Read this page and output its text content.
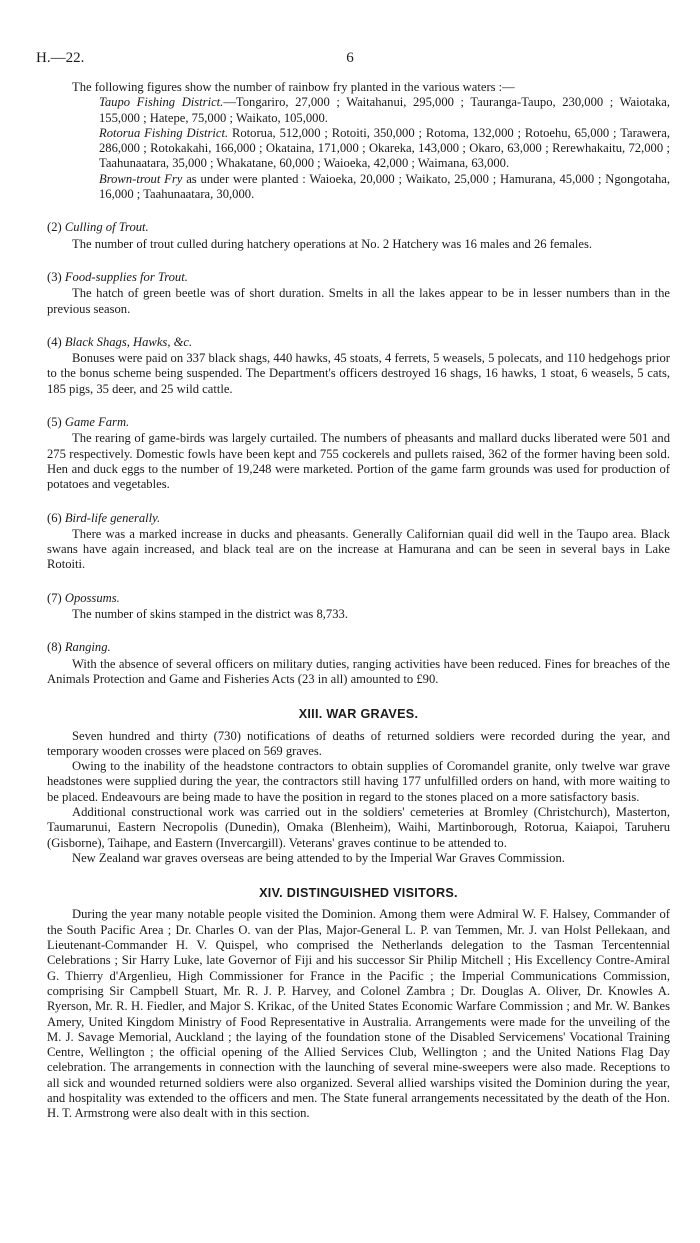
H.—22.	6

The following figures show the number of rainbow fry planted in the various waters :—

Taupo Fishing District.—Tongariro, 27,000 ; Waitahanui, 295,000 ; Tauranga-Taupo, 230,000 ; Waiotaka, 155,000 ; Hatepe, 75,000 ; Waikato, 105,000.

Rotorua Fishing District. Rotorua, 512,000 ; Rotoiti, 350,000 ; Rotoma, 132,000 ; Rotoehu, 65,000 ; Tarawera, 286,000 ; Rotokakahi, 166,000 ; Okataina, 171,000 ; Okareka, 143,000 ; Okaro, 63,000 ; Rerewhakaitu, 72,000 ; Taahunaatara, 35,000 ; Whakatane, 60,000 ; Waioeka, 42,000 ; Waimana, 63,000.

Brown-trout Fry as under were planted : Waioeka, 20,000 ; Waikato, 25,000 ; Hamurana, 45,000 ; Ngongotaha, 16,000 ; Taahunaatara, 30,000.

(2) Culling of Trout.

The number of trout culled during hatchery operations at No. 2 Hatchery was 16 males and 26 females.

(3) Food-supplies for Trout.

The hatch of green beetle was of short duration. Smelts in all the lakes appear to be in lesser numbers than in the previous season.

(4) Black Shags, Hawks, &c.

Bonuses were paid on 337 black shags, 440 hawks, 45 stoats, 4 ferrets, 5 weasels, 5 polecats, and 110 hedgehogs prior to the bonus scheme being suspended. The Department's officers destroyed 16 shags, 16 hawks, 1 stoat, 6 weasels, 5 cats, 185 pigs, 35 deer, and 25 wild cattle.

(5) Game Farm.

The rearing of game-birds was largely curtailed. The numbers of pheasants and mallard ducks liberated were 501 and 275 respectively. Domestic fowls have been kept and 755 cockerels and pullets raised, 362 of the former having been sold. Hen and duck eggs to the number of 19,248 were marketed. Portion of the game farm grounds was used for production of potatoes and vegetables.

(6) Bird-life generally.

There was a marked increase in ducks and pheasants. Generally Californian quail did well in the Taupo area. Black swans have again increased, and black teal are on the increase at Hamurana and can be seen in several bays in Lake Rotoiti.

(7) Opossums.

The number of skins stamped in the district was 8,733.

(8) Ranging.

With the absence of several officers on military duties, ranging activities have been reduced. Fines for breaches of the Animals Protection and Game and Fisheries Acts (23 in all) amounted to £90.

XIII. WAR GRAVES.

Seven hundred and thirty (730) notifications of deaths of returned soldiers were recorded during the year, and temporary wooden crosses were placed on 569 graves.

Owing to the inability of the headstone contractors to obtain supplies of Coromandel granite, only twelve war grave headstones were supplied during the year, the contractors still having 177 unfulfilled orders on hand, with more waiting to be placed. Endeavours are being made to have the position in regard to the stones placed on a more satisfactory basis.

Additional constructional work was carried out in the soldiers' cemeteries at Bromley (Christchurch), Masterton, Taumarunui, Eastern Necropolis (Dunedin), Omaka (Blenheim), Waihi, Martinborough, Rotorua, Kaiapoi, Taruheru (Gisborne), Taihape, and Eastern (Invercargill). Veterans' graves continue to be attended to.

New Zealand war graves overseas are being attended to by the Imperial War Graves Commission.

XIV. DISTINGUISHED VISITORS.

During the year many notable people visited the Dominion. Among them were Admiral W. F. Halsey, Commander of the South Pacific Area ; Dr. Charles O. van der Plas, Major-General L. P. van Temmen, Mr. J. van Holst Pellekaan, and Lieutenant-Commander H. V. Quispel, who comprised the Netherlands delegation to the Tasman Tercentennial Celebrations ; Sir Harry Luke, late Governor of Fiji and his successor Sir Philip Mitchell ; His Excellency Contre-Amiral G. Thierry d'Argenlieu, High Commissioner for France in the Pacific ; the Imperial Communications Commission, comprising Sir Campbell Stuart, Mr. R. J. P. Harvey, and Colonel Zambra ; Dr. Douglas A. Oliver, Dr. Knowles A. Ryerson, Mr. R. H. Fiedler, and Major S. Krikac, of the United States Economic Warfare Commission ; and Mr. W. Bankes Amery, United Kingdom Ministry of Food Representative in Australia. Arrangements were made for the unveiling of the M. J. Savage Memorial, Auckland ; the laying of the foundation stone of the Disabled Servicemens' Vocational Training Centre, Wellington ; the official opening of the Allied Services Club, Wellington ; and the United Nations Flag Day celebration. The arrangements in connection with the launching of several mine-sweepers were also made. Receptions to all sick and wounded returned soldiers were also organized. Several allied warships visited the Dominion during the year, and hospitality was extended to the officers and men. The State funeral arrangements necessitated by the death of the Hon. H. T. Armstrong were also dealt with in this section.
